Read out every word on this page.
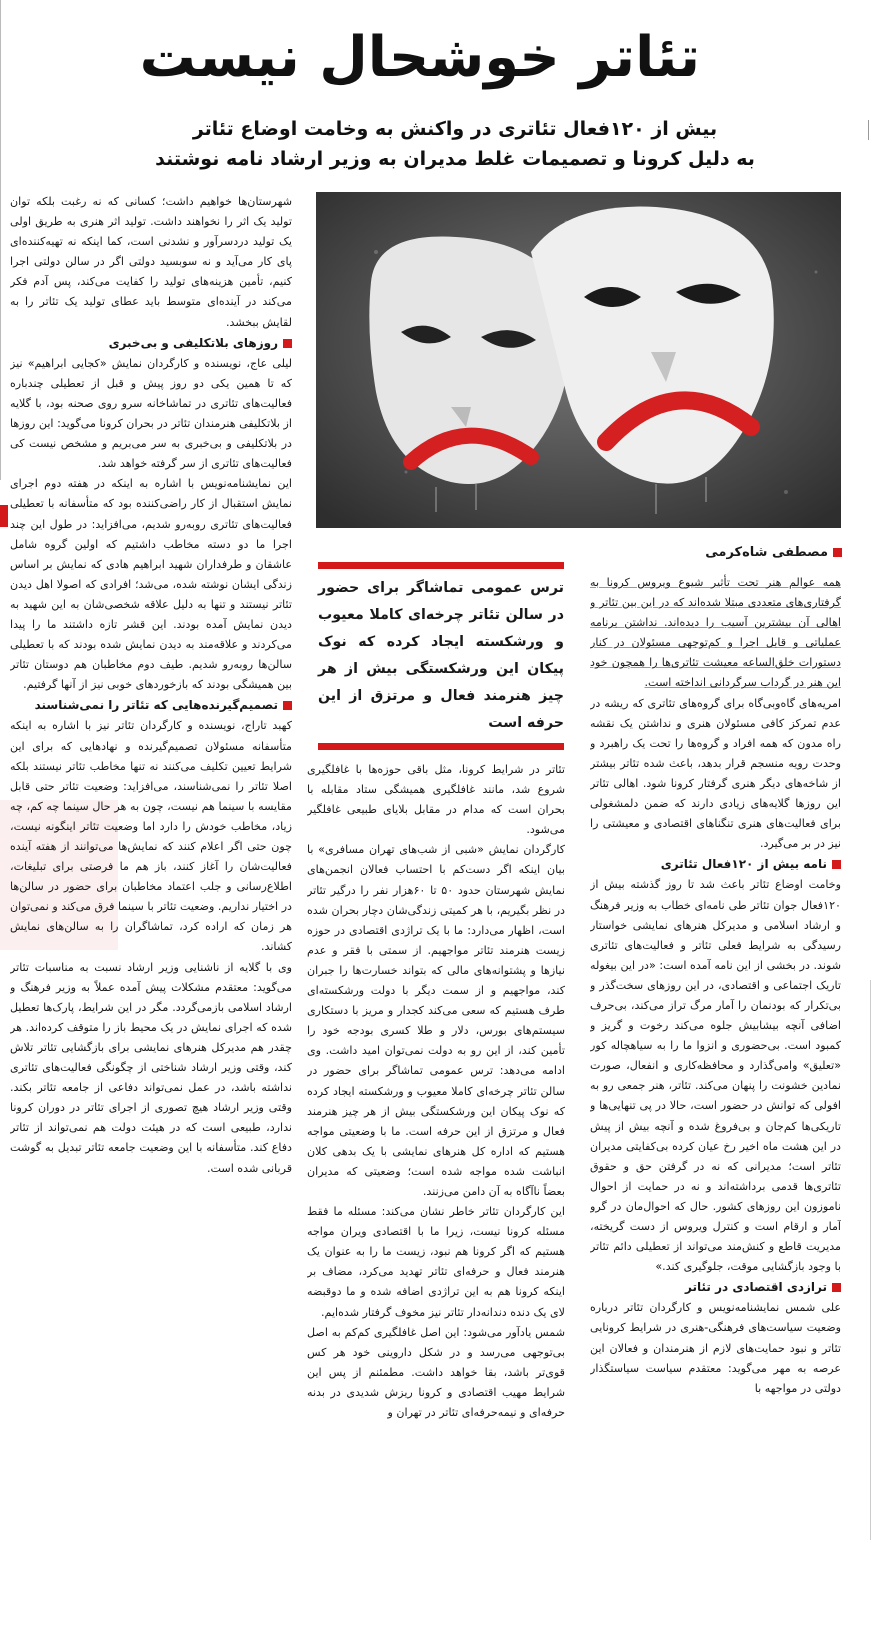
تئاتر خوشحال نیست
بیش از ۱۲۰فعال تئاتری در واکنش به وخامت اوضاع تئاتر
به دلیل کرونا و تصمیمات غلط مدیران به وزیر ارشاد نامه نوشتند
مصطفی شاه‌کرمی
ترس عمومی تماشاگر برای حضور در سالن تئاتر چرخه‌ای کاملا معیوب و ورشکسته ایجاد کرده که نوک پیکان این ورشکستگی بیش از هر چیز هنرمند فعال و مرتزق از این حرفه است
همه عوالم هنر تحت تأثیر شیوع ویروس کرونا به گرفتاری‌های متعددی مبتلا شده‌اند که در این بین تئاتر و اهالی آن بیشترین آسیب را دیده‌اند. نداشتن برنامه عملیاتی و قابل اجرا و کم‌توجهی مسئولان در کنار دستورات خلق‌الساعه معیشت تئاتری‌ها را همچون خود این هنر در گرداب سرگردانی انداخته است.
امریه‌های گاه‌وبی‌گاه برای گروه‌های تئاتری که ریشه در عدم تمرکز کافی مسئولان هنری و نداشتن یک نقشه راه مدون که همه افراد و گروه‌ها را تحت یک راهبرد و وحدت رویه منسجم قرار بدهد، باعث شده تئاتر بیشتر از شاخه‌های دیگر هنری گرفتار کرونا شود. اهالی تئاتر این روزها گلایه‌های زیادی دارند که ضمن دلمشغولی برای فعالیت‌های هنری تنگناهای اقتصادی و معیشتی را نیز در بر می‌گیرد.
نامه بیش از ۱۲۰فعال تئاتری
وخامت اوضاع تئاتر باعث شد تا روز گذشته بیش از ۱۲۰فعال جوان تئاتر طی نامه‌ای خطاب به وزیر فرهنگ و ارشاد اسلامی و مدیرکل هنرهای نمایشی خواستار رسیدگی به شرایط فعلی تئاتر و فعالیت‌های تئاتری شوند. در بخشی از این نامه آمده است: «در این بیغوله تاریک اجتماعی و اقتصادی، در این روزهای سخت‌گذر و بی‌تکرار که بودنمان را آمار مرگ تراز می‌کند، بی‌حرف اضافی آنچه بیشابیش جلوه می‌کند رخوت و گریز و کمبود است. بی‌حضوری و انزوا ما را به سیاهچاله کور «تعلیق» وامی‌گذارد و محافظه‌کاری و انفعال، صورت نمادین خشونت را پنهان می‌کند. تئاتر، هنر جمعی رو به افولی که توانش در حضور است، حالا در پی تنهایی‌ها و تاریکی‌ها کم‌جان و بی‌فروغ شده و آنچه بیش از پیش در این هشت ماه اخیر رخ عیان کرده بی‌کفایتی مدیران تئاتر است؛ مدیرانی که نه در گرفتن حق و حقوق تئاتری‌ها قدمی برداشته‌اند و نه در حمایت از احوال ناموزون این روزهای کشور. حال که احوال‌مان در گرو آمار و ارقام است و کنترل ویروس از دست گریخته، مدیریت قاطع و کنش‌مند می‌تواند از تعطیلی دائم تئاتر با وجود بازگشایی موقت، جلوگیری کند.»
ترازدی اقتصادی در تئاتر
علی شمس نمایشنامه‌نویس و کارگردان تئاتر درباره وضعیت سیاست‌های فرهنگی-هنری در شرایط کرونایی تئاتر و نبود حمایت‌های لازم از هنرمندان و فعالان این عرصه به مهر می‌گوید: معتقدم سیاست سیاستگذار دولتی در مواجهه با
تئاتر در شرایط کرونا، مثل باقی حوزه‌ها با غافلگیری شروع شد، مانند غافلگیری همیشگی ستاد مقابله با بحران است که مدام در مقابل بلایای طبیعی غافلگیر می‌شود.
کارگردان نمایش «شبی از شب‌های تهران مسافری» با بیان اینکه اگر دست‌کم با احتساب فعالان انجمن‌های نمایش شهرستان حدود ۵۰ تا ۶۰هزار نفر را درگیر تئاتر در نظر بگیریم، با هر کمیتی زندگی‌شان دچار بحران شده است، اظهار می‌دارد: ما با یک تراژدی اقتصادی در حوزه زیست هنرمند تئاتر مواجهیم. از سمتی با فقر و عدم نیازها و پشتوانه‌های مالی که بتواند خسارت‌ها را جبران کند، مواجهیم و از سمت دیگر با دولت ورشکسته‌ای طرف هستیم که سعی می‌کند کجدار و مریز با دستکاری سیستم‌های بورس، دلار و طلا کسری بودجه خود را تأمین کند، از این رو به دولت نمی‌توان امید داشت. وی ادامه می‌دهد: ترس عمومی تماشاگر برای حضور در سالن تئاتر چرخه‌ای کاملا معیوب و ورشکسته ایجاد کرده که نوک پیکان این ورشکستگی بیش از هر چیز هنرمند فعال و مرتزق از این حرفه است. ما با وضعیتی مواجه هستیم که اداره کل هنرهای نمایشی با یک بدهی کلان انباشت شده مواجه شده است؛ وضعیتی که مدیران بعضاً ناآگاه به آن دامن می‌زنند.
این کارگردان تئاتر خاطر نشان می‌کند: مسئله ما فقط مسئله کرونا نیست، زیرا ما با اقتصادی ویران مواجه هستیم که اگر کرونا هم نبود، زیست ما را به عنوان یک هنرمند فعال و حرفه‌ای تئاتر تهدید می‌کرد، مضاف بر اینکه کرونا هم به این تراژدی اضافه شده و ما دوقبضه لای یک دنده دندانه‌دار تئاتر نیز مخوف گرفتار شده‌ایم.
شمس یادآور می‌شود: این اصل غافلگیری کم‌کم به اصل بی‌توجهی می‌رسد و در شکل داروینی خود هر کس قوی‌تر باشد، بقا خواهد داشت. مطمئنم از پس این شرایط مهیب اقتصادی و کرونا ریزش شدیدی در بدنه حرفه‌ای و نیمه‌حرفه‌ای تئاتر در تهران و
شهرستان‌ها خواهیم داشت؛ کسانی که نه رغبت بلکه توان تولید یک اثر را نخواهند داشت. تولید اثر هنری به طریق اولی یک تولید دردسرآور و نشدنی است، کما اینکه نه تهیه‌کننده‌ای پای کار می‌آید و نه سوبسید دولتی اگر در سالن دولتی اجرا کنیم، تأمین هزینه‌های تولید را کفایت می‌کند، پس آدم فکر می‌کند در آینده‌ای متوسط باید عطای تولید یک تئاتر را به لقایش ببخشد.
روزهای بلاتکلیفی و بی‌خبری
لیلی عاج، نویسنده و کارگردان نمایش «کجایی ابراهیم» نیز که تا همین یکی دو روز پیش و قبل از تعطیلی چندباره فعالیت‌های تئاتری در تماشاخانه سرو روی صحنه بود، با گلایه از بلاتکلیفی هنرمندان تئاتر در بحران کرونا می‌گوید: این روزها در بلاتکلیفی و بی‌خبری به سر می‌بریم و مشخص نیست کی فعالیت‌های تئاتری از سر گرفته خواهد شد.
این نمایشنامه‌نویس با اشاره به اینکه در هفته دوم اجرای نمایش استقبال از کار راضی‌کننده بود که متأسفانه با تعطیلی فعالیت‌های تئاتری روبه‌رو شدیم، می‌افزاید: در طول این چند اجرا ما دو دسته مخاطب داشتیم که اولین گروه شامل عاشقان و طرفداران شهید ابراهیم هادی که نمایش بر اساس زندگی ایشان نوشته شده، می‌شد؛ افرادی که اصولا اهل دیدن تئاتر نیستند و تنها به دلیل علاقه شخصی‌شان به این شهید به دیدن نمایش آمده بودند. این قشر تازه داشتند ما را پیدا می‌کردند و علاقه‌مند به دیدن نمایش شده بودند که با تعطیلی سالن‌ها روبه‌رو شدیم. طیف دوم مخاطبان هم دوستان تئاتر بین همیشگی بودند که بازخوردهای خوبی نیز از آنها گرفتیم.
تصمیم‌گیرنده‌هایی که تئاتر را نمی‌شناسند
کهبد تاراج، نویسنده و کارگردان تئاتر نیز با اشاره به اینکه متأسفانه مسئولان تصمیم‌گیرنده و نهادهایی که برای این شرایط تعیین تکلیف می‌کنند نه تنها مخاطب تئاتر نیستند بلکه اصلا تئاتر را نمی‌شناسند، می‌افزاید: وضعیت تئاتر حتی قابل مقایسه با سینما هم نیست، چون به هر حال سینما چه کم، چه زیاد، مخاطب خودش را دارد اما وضعیت تئاتر اینگونه نیست، چون حتی اگر اعلام کنند که نمایش‌ها می‌توانند از هفته آینده فعالیت‌شان را آغاز کنند، باز هم ما فرصتی برای تبلیغات، اطلاع‌رسانی و جلب اعتماد مخاطبان برای حضور در سالن‌ها در اختیار نداریم. وضعیت تئاتر با سینما فرق می‌کند و نمی‌توان هر زمان که اراده کرد، تماشاگران را به سالن‌های نمایش کشاند.
وی با گلایه از ناشنایی وزیر ارشاد نسبت به مناسبات تئاتر می‌گوید: معتقدم مشکلات پیش آمده عملاً به وزیر فرهنگ و ارشاد اسلامی بازمی‌گردد. مگر در این شرایط، پارک‌ها تعطیل شده که اجرای نمایش در یک محیط باز را متوقف کرده‌اند. هر چقدر هم مدیرکل هنرهای نمایشی برای بازگشایی تئاتر تلاش کند، وقتی وزیر ارشاد شناختی از چگونگی فعالیت‌های تئاتری نداشته باشد، در عمل نمی‌تواند دفاعی از جامعه تئاتر بکند. وقتی وزیر ارشاد هیچ تصوری از اجرای تئاتر در دوران کرونا ندارد، طبیعی است که در هیئت دولت هم نمی‌تواند از تئاتر دفاع کند. متأسفانه با این وضعیت جامعه تئاتر تبدیل به گوشت قربانی شده است.
